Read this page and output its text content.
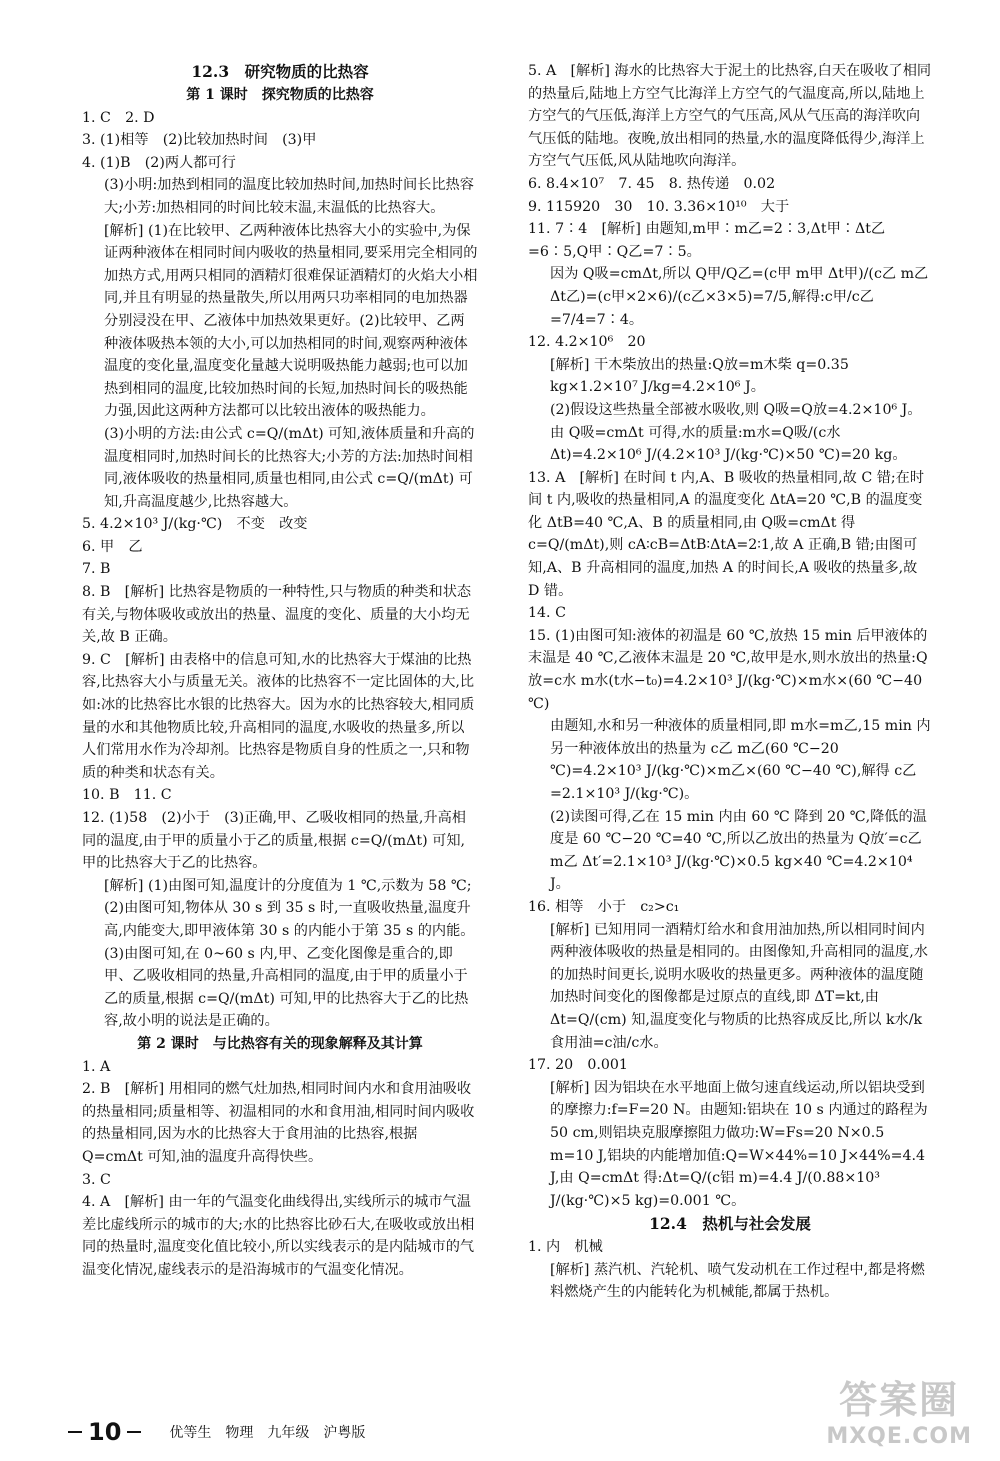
12.3　研究物质的比热容
第 1 课时　探究物质的比热容
1. C　2. D
3. (1)相等　(2)比较加热时间　(3)甲
4. (1)B　(2)两人都可行
(3)小明:加热到相同的温度比较加热时间,加热时间长比热容大;小芳:加热相同的时间比较末温,末温低的比热容大。
[解析] (1)在比较甲、乙两种液体比热容大小的实验中,为保证两种液体在相同时间内吸收的热量相同,要采用完全相同的加热方式,用两只相同的酒精灯很难保证酒精灯的火焰大小相同,并且有明显的热量散失,所以用两只功率相同的电加热器分别浸没在甲、乙液体中加热效果更好。(2)比较甲、乙两种液体吸热本领的大小,可以加热相同的时间,观察两种液体温度的变化量,温度变化量越大说明吸热能力越弱;也可以加热到相同的温度,比较加热时间的长短,加热时间长的吸热能力强,因此这两种方法都可以比较出液体的吸热能力。
(3)小明的方法:由公式 c=Q/(mΔt) 可知,液体质量和升高的温度相同时,加热时间长的比热容大;小芳的方法:加热时间相同,液体吸收的热量相同,质量也相同,由公式 c=Q/(mΔt) 可知,升高温度越少,比热容越大。
5. 4.2×10³ J/(kg·℃)　不变　改变
6. 甲　乙
7. B
8. B　[解析] 比热容是物质的一种特性,只与物质的种类和状态有关,与物体吸收或放出的热量、温度的变化、质量的大小均无关,故 B 正确。
9. C　[解析] 由表格中的信息可知,水的比热容大于煤油的比热容,比热容大小与质量无关。液体的比热容不一定比固体的大,比如:冰的比热容比水银的比热容大。因为水的比热容较大,相同质量的水和其他物质比较,升高相同的温度,水吸收的热量多,所以人们常用水作为冷却剂。比热容是物质自身的性质之一,只和物质的种类和状态有关。
10. B　11. C
12. (1)58　(2)小于　(3)正确,甲、乙吸收相同的热量,升高相同的温度,由于甲的质量小于乙的质量,根据 c=Q/(mΔt) 可知,甲的比热容大于乙的比热容。
[解析] (1)由图可知,温度计的分度值为 1 ℃,示数为 58 ℃;(2)由图可知,物体从 30 s 到 35 s 时,一直吸收热量,温度升高,内能变大,即甲液体第 30 s 的内能小于第 35 s 的内能。
(3)由图可知,在 0~60 s 内,甲、乙变化图像是重合的,即甲、乙吸收相同的热量,升高相同的温度,由于甲的质量小于乙的质量,根据 c=Q/(mΔt) 可知,甲的比热容大于乙的比热容,故小明的说法是正确的。
第 2 课时　与比热容有关的现象解释及其计算
1. A
2. B　[解析] 用相同的燃气灶加热,相同时间内水和食用油吸收的热量相同;质量相等、初温相同的水和食用油,相同时间内吸收的热量相同,因为水的比热容大于食用油的比热容,根据 Q=cmΔt 可知,油的温度升高得快些。
3. C
4. A　[解析] 由一年的气温变化曲线得出,实线所示的城市气温差比虚线所示的城市的大;水的比热容比砂石大,在吸收或放出相同的热量时,温度变化值比较小,所以实线表示的是内陆城市的气温变化情况,虚线表示的是沿海城市的气温变化情况。
5. A　[解析] 海水的比热容大于泥土的比热容,白天在吸收了相同的热量后,陆地上方空气比海洋上方空气的气温度高,所以,陆地上方空气的气压低,海洋上方空气的气压高,风从气压高的海洋吹向气压低的陆地。夜晚,放出相同的热量,水的温度降低得少,海洋上方空气气压低,风从陆地吹向海洋。
6. 8.4×10⁷　7. 45　8. 热传递　0.02
9. 115920　30　10. 3.36×10¹⁰　大于
11. 7∶4　[解析] 由题知,m甲∶m乙=2∶3,Δt甲∶Δt乙=6∶5,Q甲∶Q乙=7∶5。
因为 Q吸=cmΔt,所以 Q甲/Q乙=(c甲 m甲 Δt甲)/(c乙 m乙 Δt乙)=(c甲×2×6)/(c乙×3×5)=7/5,解得:c甲/c乙=7/4=7∶4。
12. 4.2×10⁶　20
[解析] 干木柴放出的热量:Q放=m木柴 q=0.35 kg×1.2×10⁷ J/kg=4.2×10⁶ J。
(2)假设这些热量全部被水吸收,则 Q吸=Q放=4.2×10⁶ J。
由 Q吸=cmΔt 可得,水的质量:m水=Q吸/(c水 Δt)=4.2×10⁶ J/(4.2×10³ J/(kg·℃)×50 ℃)=20 kg。
13. A　[解析] 在时间 t 内,A、B 吸收的热量相同,故 C 错;在时间 t 内,吸收的热量相同,A 的温度变化 ΔtA=20 ℃,B 的温度变化 ΔtB=40 ℃,A、B 的质量相同,由 Q吸=cmΔt 得 c=Q/(mΔt),则 cA∶cB=ΔtB∶ΔtA=2∶1,故 A 正确,B 错;由图可知,A、B 升高相同的温度,加热 A 的时间长,A 吸收的热量多,故 D 错。
14. C
15. (1)由图可知:液体的初温是 60 ℃,放热 15 min 后甲液体的末温是 40 ℃,乙液体末温是 20 ℃,故甲是水,则水放出的热量:Q放=c水 m水(t水−t₀)=4.2×10³ J/(kg·℃)×m水×(60 ℃−40 ℃)
由题知,水和另一种液体的质量相同,即 m水=m乙,15 min 内另一种液体放出的热量为 c乙 m乙(60 ℃−20 ℃)=4.2×10³ J/(kg·℃)×m乙×(60 ℃−40 ℃),解得 c乙=2.1×10³ J/(kg·℃)。
(2)读图可得,乙在 15 min 内由 60 ℃ 降到 20 ℃,降低的温度是 60 ℃−20 ℃=40 ℃,所以乙放出的热量为 Q放′=c乙 m乙 Δt′=2.1×10³ J/(kg·℃)×0.5 kg×40 ℃=4.2×10⁴ J。
16. 相等　小于　c₂>c₁
[解析] 已知用同一酒精灯给水和食用油加热,所以相同时间内两种液体吸收的热量是相同的。由图像知,升高相同的温度,水的加热时间更长,说明水吸收的热量更多。两种液体的温度随加热时间变化的图像都是过原点的直线,即 ΔT=kt,由 Δt=Q/(cm) 知,温度变化与物质的比热容成反比,所以 k水/k食用油=c油/c水。
17. 20　0.001
[解析] 因为铝块在水平地面上做匀速直线运动,所以铝块受到的摩擦力:f=F=20 N。由题知:铝块在 10 s 内通过的路程为 50 cm,则铝块克服摩擦阻力做功:W=Fs=20 N×0.5 m=10 J,铝块的内能增加值:Q=W×44%=10 J×44%=4.4 J,由 Q=cmΔt 得:Δt=Q/(c铝 m)=4.4 J/(0.88×10³ J/(kg·℃)×5 kg)=0.001 ℃。
12.4　热机与社会发展
1. 内　机械
[解析] 蒸汽机、汽轮机、喷气发动机在工作过程中,都是将燃料燃烧产生的内能转化为机械能,都属于热机。
10	优等生　物理　九年级　沪粤版
答案圈
MXQE.COM
